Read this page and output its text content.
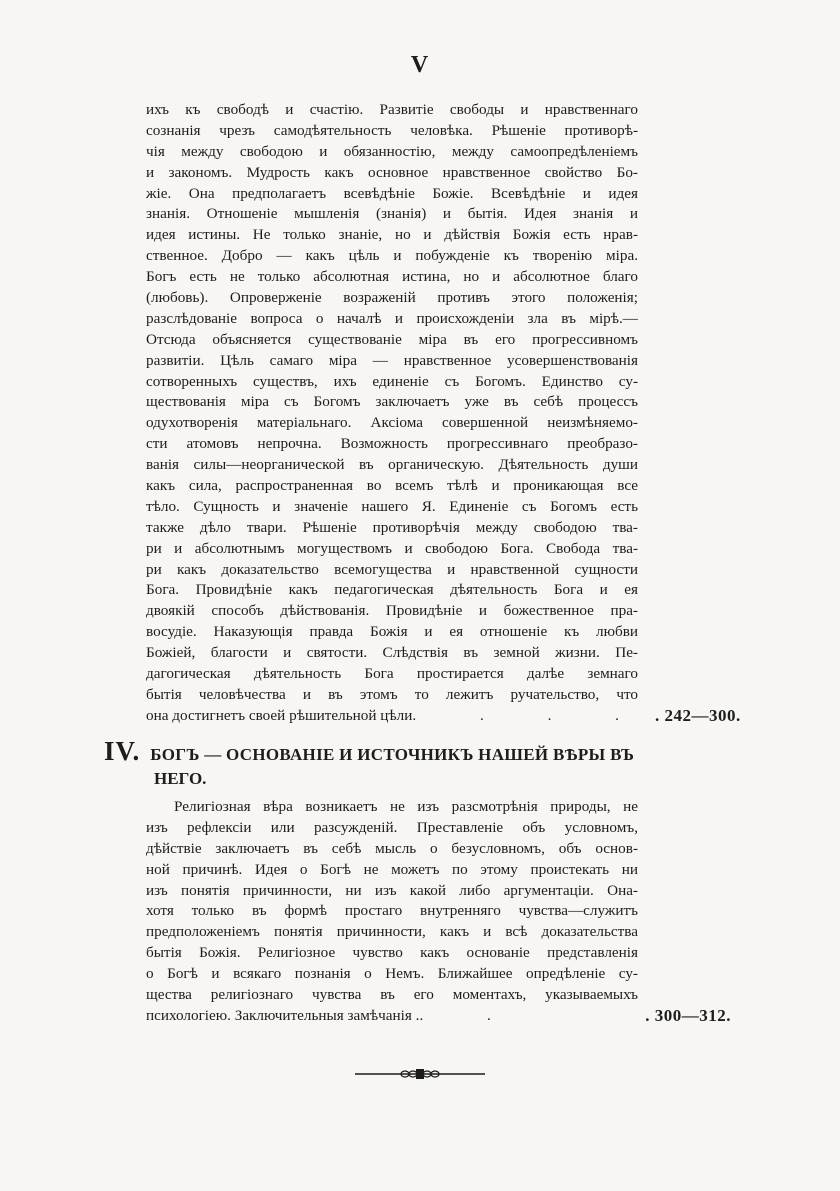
V
ихъ къ свободѣ и счастію. Развитіе свободы и нравственнаго
сознанія чрезъ самодѣятельность человѣка. Рѣшеніе противорѣ-
чія между свободою и обязанностію, между самоопредѣленіемъ
и закономъ. Мудрость какъ основное нравственное свойство Бо-
жіе. Она предполагаетъ всевѣдѣніе Божіе. Всевѣдѣніе и идея
знанія. Отношеніе мышленія (знанія) и бытія. Идея знанія и
идея истины. Не только знаніе, но и дѣйствія Божія есть нрав-
ственное. Добро — какъ цѣль и побужденіе къ творенію міра.
Богъ есть не только абсолютная истина, но и абсолютное благо
(любовь). Опроверженіе возраженій противъ этого положенія;
разслѣдованіе вопроса о началѣ и происхожденіи зла въ мірѣ.—
Отсюда объясняется существованіе міра въ его прогрессивномъ
развитіи. Цѣль самаго міра — нравственное усовершенствованія
сотворенныхъ существъ, ихъ единеніе съ Богомъ. Единство су-
ществованія міра съ Богомъ заключаетъ уже въ себѣ процессъ
одухотворенія матеріальнаго. Аксіома совершенной неизмѣняемо-
сти атомовъ непрочна. Возможность прогрессивнаго преобразо-
ванія силы—неорганической въ органическую. Дѣятельность души
какъ сила, распространенная во всемъ тѣлѣ и проникающая все
тѣло. Сущность и значеніе нашего Я. Единеніе съ Богомъ есть
также дѣло твари. Рѣшеніе противорѣчія между свободою тва-
ри и абсолютнымъ могуществомъ и свободою Бога. Свобода тва-
ри какъ доказательство всемогущества и нравственной сущности
Бога. Провидѣніе какъ педагогическая дѣятельность Бога и ея
двоякій способъ дѣйствованія. Провидѣніе и божественное пра-
восудіе. Наказующія правда Божія и ея отношеніе къ любви
Божіей, благости и святости. Слѣдствія въ земной жизни. Пе-
дагогическая дѣятельность Бога простирается далѣе земнаго
бытія человѣчества и въ этомъ то лежитъ ручательство, что
она достигнетъ своей рѣшительной цѣли . . . . . 242—300.
IV. БОГЪ — ОСНОВАНІЕ И ИСТОЧНИКЪ НАШЕЙ ВѢРЫ ВЪ
НЕГО.
Религіозная вѣра возникаетъ не изъ разсмотрѣнія природы, не
изъ рефлексіи или разсужденій. Преставленіе объ условномъ,
дѣйствіе заключаетъ въ себѣ мысль о безусловномъ, объ основ-
ной причинѣ. Идея о Богѣ не можетъ по этому проистекать ни
изъ понятія причинности, ни изъ какой либо аргументаціи. Она-
хотя только въ формѣ простаго внутренняго чувства—служитъ
предположеніемъ понятія причинности, какъ и всѣ доказательства
бытія Божія. Религіозное чувство какъ основаніе представленія
о Богѣ и всякаго познанія о Немъ. Ближайшее опредѣленіе су-
щества религіознаго чувства въ его моментахъ, указываемыхъ
психологіею. Заключительныя замѣчанія . . .	. 300—312.
